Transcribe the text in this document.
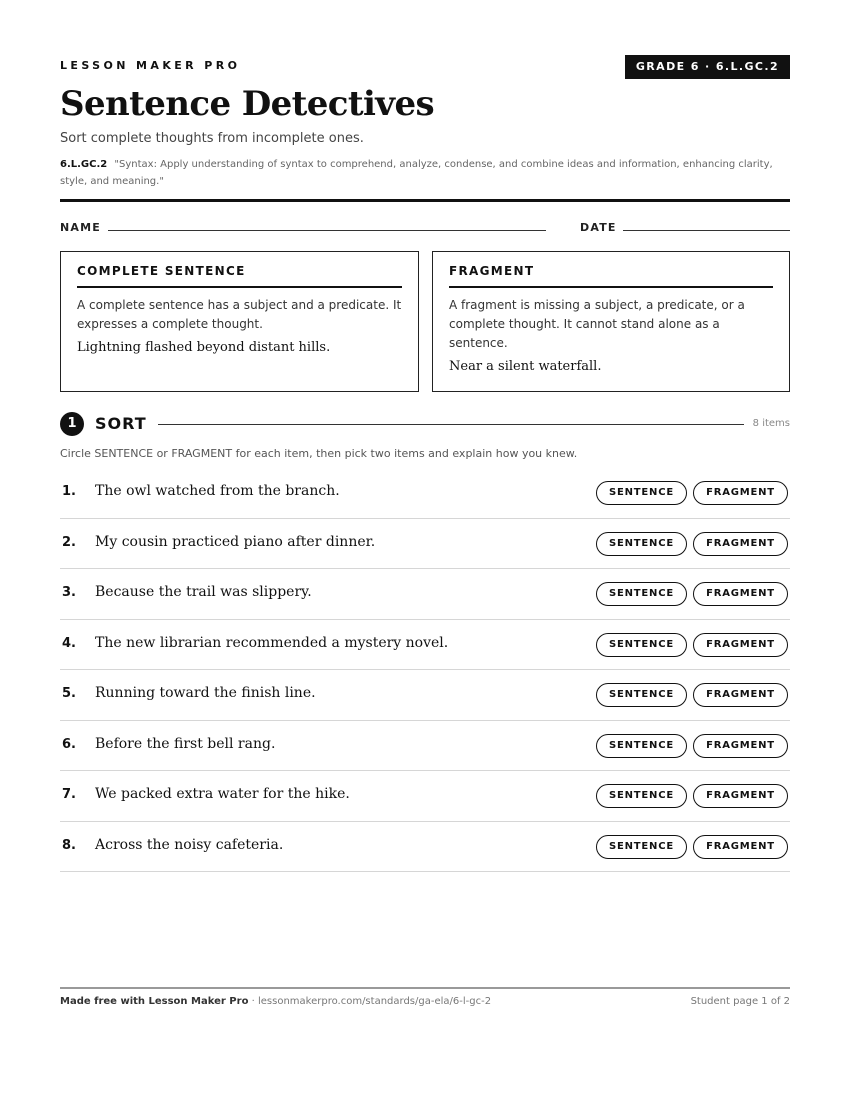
LESSON MAKER PRO	GRADE 6 · 6.L.GC.2
Sentence Detectives
Sort complete thoughts from incomplete ones.
6.L.GC.2 "Syntax: Apply understanding of syntax to comprehend, analyze, condense, and combine ideas and information, enhancing clarity, style, and meaning."
NAME	DATE
COMPLETE SENTENCE
A complete sentence has a subject and a predicate. It expresses a complete thought.
Lightning flashed beyond distant hills.
FRAGMENT
A fragment is missing a subject, a predicate, or a complete thought. It cannot stand alone as a sentence.
Near a silent waterfall.
1	SORT	8 items
Circle SENTENCE or FRAGMENT for each item, then pick two items and explain how you knew.
1. The owl watched from the branch.	SENTENCE	FRAGMENT
2. My cousin practiced piano after dinner.	SENTENCE	FRAGMENT
3. Because the trail was slippery.	SENTENCE	FRAGMENT
4. The new librarian recommended a mystery novel.	SENTENCE	FRAGMENT
5. Running toward the finish line.	SENTENCE	FRAGMENT
6. Before the first bell rang.	SENTENCE	FRAGMENT
7. We packed extra water for the hike.	SENTENCE	FRAGMENT
8. Across the noisy cafeteria.	SENTENCE	FRAGMENT
Made free with Lesson Maker Pro · lessonmakerpro.com/standards/ga-ela/6-l-gc-2	Student page 1 of 2
